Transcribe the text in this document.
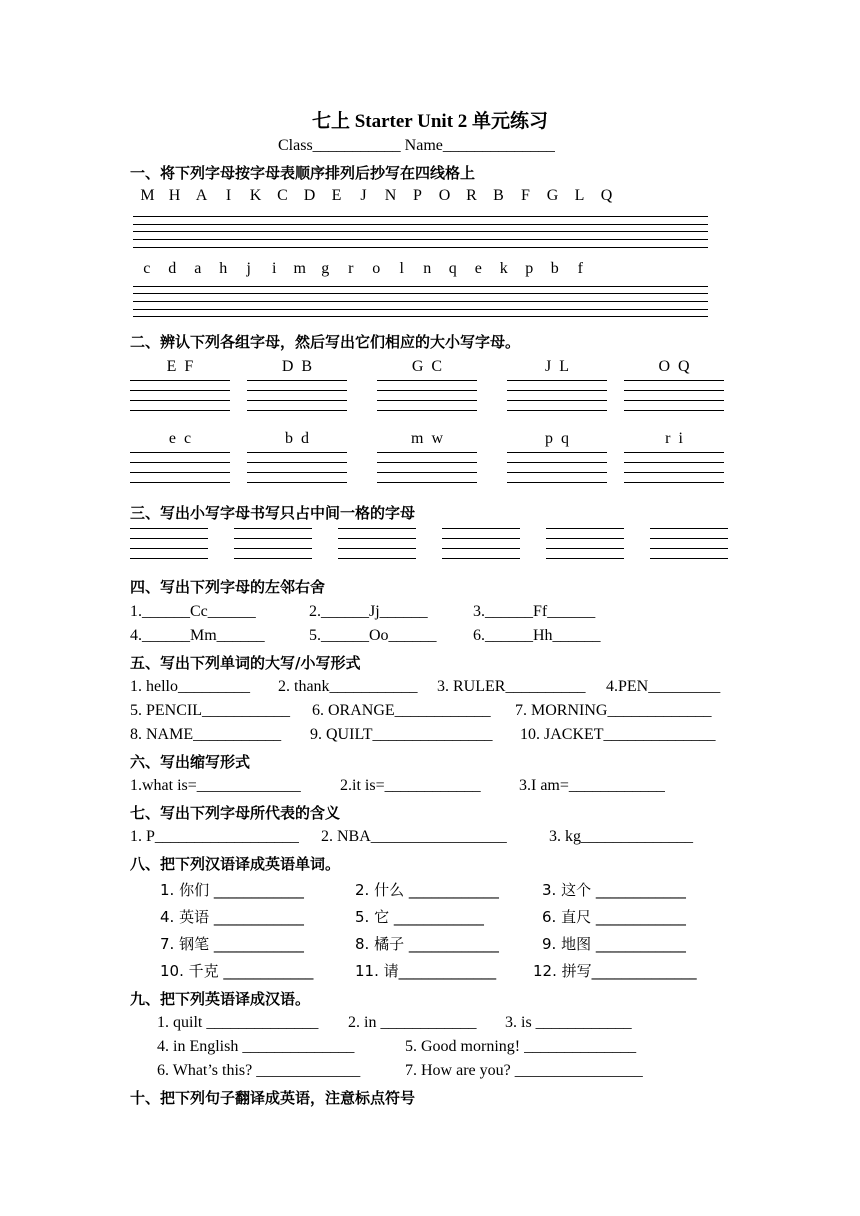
七上 Starter Unit 2 单元练习
Class___________ Name______________
一、将下列字母按字母表顺序排列后抄写在四线格上
M H A I K C D E J N P O R B F G L Q
c d a h j i m g r o l n q e k p b f
二、辨认下列各组字母，然后写出它们相应的大小写字母。
E  F	D  B	G  C	J  L	O  Q
e  c	b  d	m  w	p  q	r  i
三、写出小写字母书写只占中间一格的字母
四、写出下列字母的左邻右舍
1.______Cc______	2.______Jj______	3.______Ff______
4.______Mm______	5.______Oo______ 6.______Hh______
五、写出下列单词的大写/小写形式
1. hello_________ 2. thank___________ 3. RULER__________ 4.PEN_________
5. PENCIL___________ 6. ORANGE____________ 7. MORNING_____________
8. NAME___________ 9. QUILT_______________ 10. JACKET______________
六、写出缩写形式
1.what is=_____________ 2.it is=____________ 3.I am=____________
七、写出下列字母所代表的含义
1. P__________________ 2. NBA_________________	3. kg______________
八、把下列汉语译成英语单词。
1. 你们 ____________	2. 什么 ____________	3. 这个 ____________
4. 英语 ____________	5. 它 ____________	6. 直尺 ____________
7. 钢笔 ____________	8. 橘子 ____________	9. 地图 ____________
10. 千克 ____________	11. 请_____________ 12. 拼写______________
九、把下列英语译成汉语。
1. quilt ______________ 2. in ____________ 3. is ____________
4. in English ______________	5. Good morning! ______________
6. What’s this? _____________	7. How are you? ________________
十、把下列句子翻译成英语，注意标点符号
